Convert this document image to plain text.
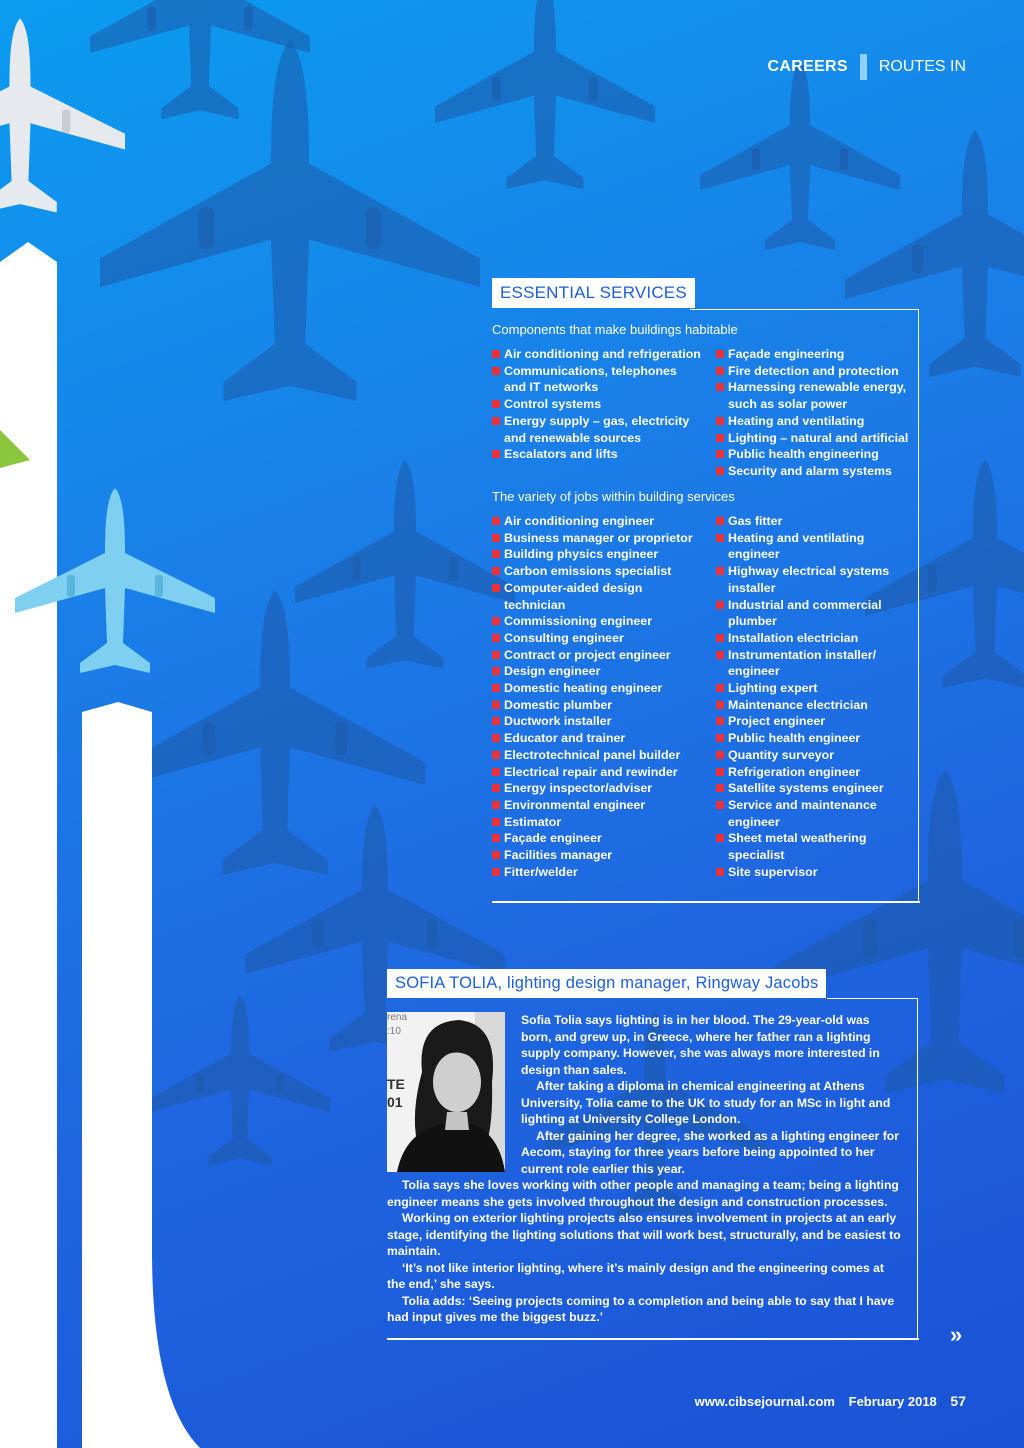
CAREERS ROUTES IN
ESSENTIAL SERVICES
Components that make buildings habitable
Air conditioning and refrigeration
Communications, telephones and IT networks
Control systems
Energy supply – gas, electricity and renewable sources
Escalators and lifts
Façade engineering
Fire detection and protection
Harnessing renewable energy, such as solar power
Heating and ventilating
Lighting – natural and artificial
Public health engineering
Security and alarm systems
The variety of jobs within building services
Air conditioning engineer
Business manager or proprietor
Building physics engineer
Carbon emissions specialist
Computer-aided design technician
Commissioning engineer
Consulting engineer
Contract or project engineer
Design engineer
Domestic heating engineer
Domestic plumber
Ductwork installer
Educator and trainer
Electrotechnical panel builder
Electrical repair and rewinder
Energy inspector/adviser
Environmental engineer
Estimator
Façade engineer
Facilities manager
Fitter/welder
Gas fitter
Heating and ventilating engineer
Highway electrical systems installer
Industrial and commercial plumber
Installation electrician
Instrumentation installer/ engineer
Lighting expert
Maintenance electrician
Project engineer
Public health engineer
Quantity surveyor
Refrigeration engineer
Satellite systems engineer
Service and maintenance engineer
Sheet metal weathering specialist
Site supervisor
SOFIA TOLIA, lighting design manager, Ringway Jacobs
rena
:10
TE
01

Sofia Tolia says lighting is in her blood. The 29-year-old was born, and grew up, in Greece, where her father ran a lighting supply company. However, she was always more interested in design than sales.

After taking a diploma in chemical engineering at Athens University, Tolia came to the UK to study for an MSc in light and lighting at University College London.

After gaining her degree, she worked as a lighting engineer for Aecom, staying for three years before being appointed to her current role earlier this year.

Tolia says she loves working with other people and managing a team; being a lighting engineer means she gets involved throughout the design and construction processes.

Working on exterior lighting projects also ensures involvement in projects at an early stage, identifying the lighting solutions that will work best, structurally, and be easiest to maintain.

‘It’s not like interior lighting, where it’s mainly design and the engineering comes at the end,’ she says.

Tolia adds: ‘Seeing projects coming to a completion and being able to say that I have had input gives me the biggest buzz.’

»
www.cibsejournal.com February 2018 57
